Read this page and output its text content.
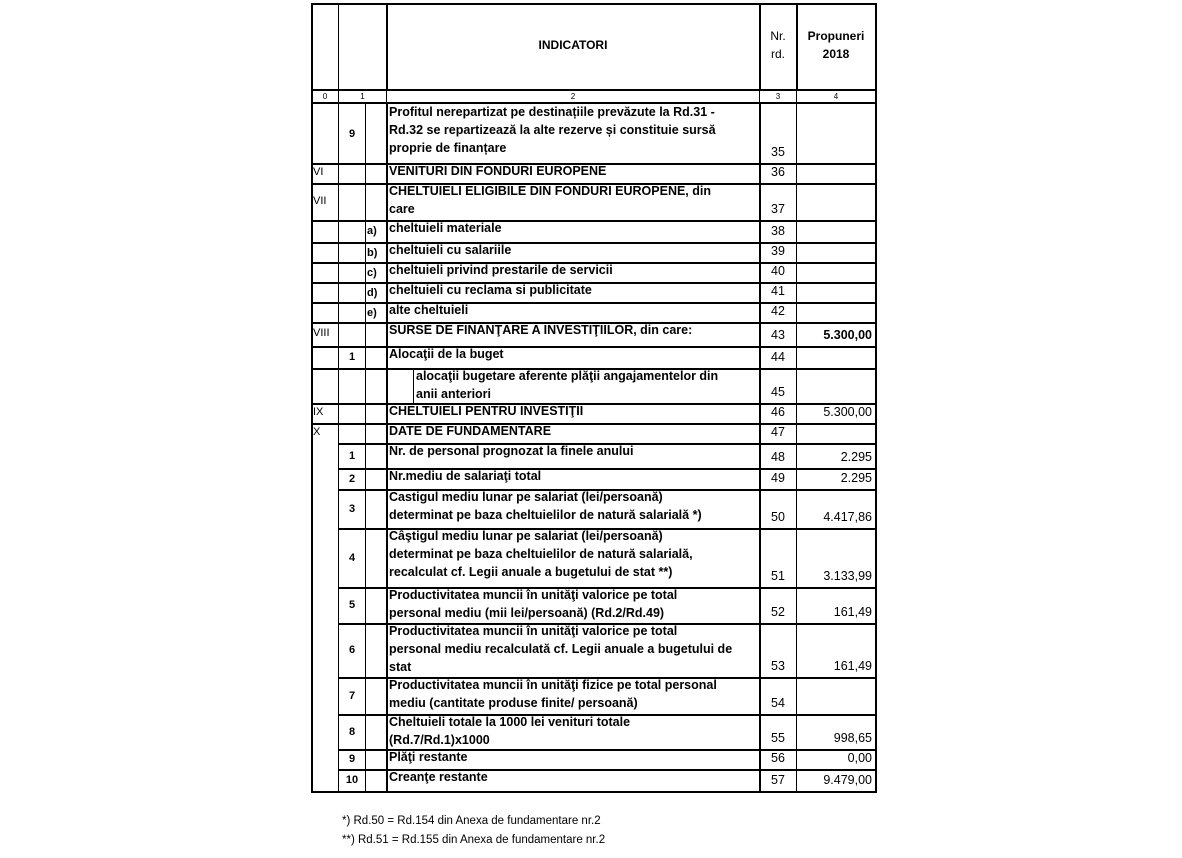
INDICATORI
Nr.
rd.
Propuneri
2018
0	1	2	3	4
9
Profitul nerepartizat pe destinațiile prevăzute la Rd.31 -
Rd.32 se repartizează la alte rezerve și constituie sursă
propriе de finanțare	35
VI	VENITURI DIN FONDURI EUROPENE	36
VII
CHELTUIELI ELIGIBILE DIN FONDURI EUROPENE, din
care	37
a) cheltuieli materiale	38
b) cheltuieli cu salariile	39
c) cheltuieli privind prestarile de servicii	40
d) cheltuieli cu reclama si publicitate	41
e) alte cheltuieli	42
VIII	SURSE DE FINANŢARE A INVESTIŢIILOR, din care:	43	5.300,00
1	Alocaţii de la buget	44
alocaţii bugetare aferente plăţii angajamentelor din
anii anteriori	45
IX	CHELTUIELI PENTRU INVESTIŢII	46	5.300,00
X	DATE DE FUNDAMENTARE	47
1	Nr. de personal prognozat la finele anului	48	2.295
2	Nr.mediu de salariaţi total	49	2.295
3
Castigul mediu lunar pe salariat (lei/persoană)
determinat pe baza cheltuielilor de natură salarială *)	50	4.417,86
4
Câştigul mediu lunar pe salariat (lei/persoană)
determinat pe baza cheltuielilor de natură salarială,
recalculat cf. Legii anuale a bugetului de stat **)	51	3.133,99
5
Productivitatea muncii în unităţi valorice pe total
personal mediu (mii lei/persoană) (Rd.2/Rd.49)	52	161,49
6
Productivitatea muncii în unităţi valorice pe total
personal mediu recalculată cf. Legii anuale a bugetului de
stat	53	161,49
7
Productivitatea muncii în unităţi fizice pe total personal
mediu (cantitate produse finite/ persoană)	54
8
Cheltuieli totale la 1000 lei venituri totale
(Rd.7/Rd.1)x1000	55	998,65
9	Plăţi restante	56	0,00
10	Creanţe restante	57	9.479,00
*) Rd.50 = Rd.154 din Anexa de fundamentare nr.2
**) Rd.51 = Rd.155 din Anexa de fundamentare nr.2
